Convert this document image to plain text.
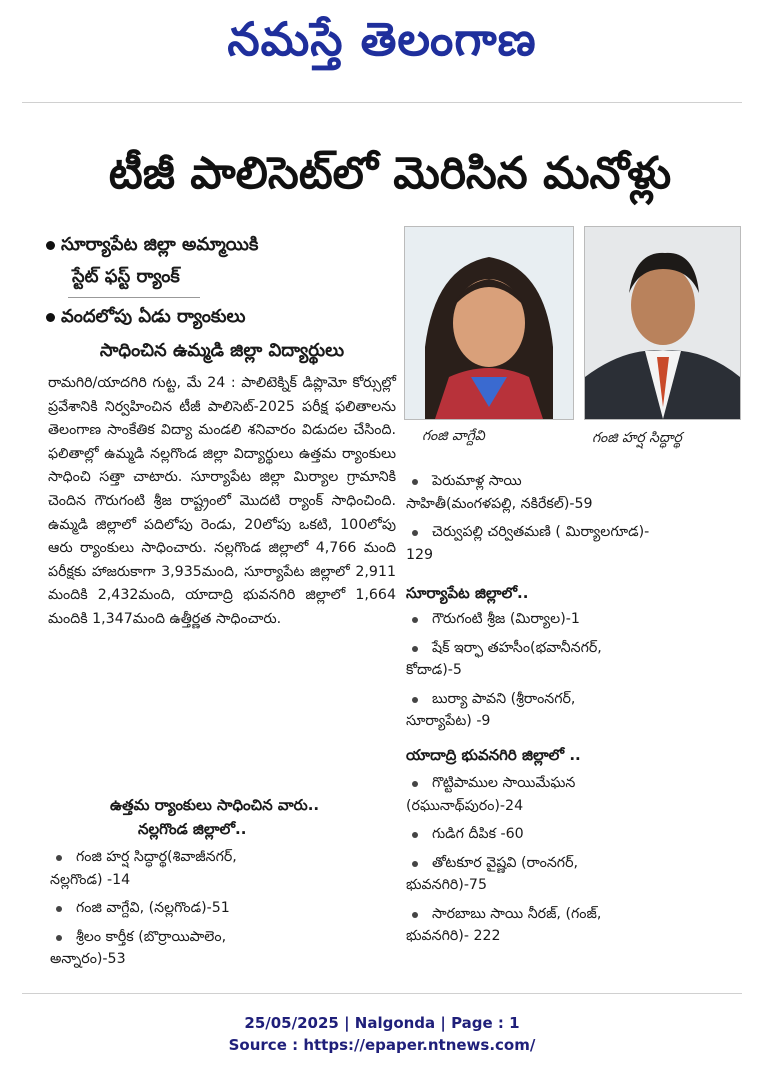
నమస్తే తెలంగాణ
టీజీ పాలిసెట్‌లో మెరిసిన మనోళ్లు
సూర్యాపేట జిల్లా అమ్మాయికి
స్టేట్ ఫస్ట్ ర్యాంక్
వందలోపు ఏడు ర్యాంకులు
సాధించిన ఉమ్మడి జిల్లా విద్యార్థులు
గంజి వాగ్దేవి	గంజి హర్ష సిద్ధార్థ

రామగిరి/యాదగిరి గుట్ట, మే 24 : పాలిటెక్నిక్ డిప్లొమో కోర్సుల్లో ప్రవేశానికి నిర్వహించిన టీజీ పాలిసెట్-2025 పరీక్ష ఫలితాలను తెలంగాణ సాంకేతిక విద్యా మండలి శనివారం విడుదల చేసింది. ఫలితాల్లో ఉమ్మడి నల్లగొండ జిల్లా విద్యార్థులు ఉత్తమ ర్యాంకులు సాధించి సత్తా చాటారు. సూర్యాపేట జిల్లా మిర్యాల గ్రామానికి చెందిన గౌరుగంటి శ్రీజ రాష్ట్రంలో మొదటి ర్యాంక్ సాధించింది. ఉమ్మడి జిల్లాలో పదిలోపు రెండు, 20లోపు ఒకటి, 100లోపు ఆరు ర్యాంకులు సాధించారు. నల్లగొండ జిల్లాలో 4,766 మంది పరీక్షకు హాజరుకాగా 3,935మంది, సూర్యాపేట జిల్లాలో 2,911 మందికి 2,432మంది, యాదాద్రి భువనగిరి జిల్లాలో 1,664 మందికి 1,347మంది ఉత్తీర్ణత సాధించారు.

ఉత్తమ ర్యాంకులు సాధించిన వారు..
నల్లగొండ జిల్లాలో..
గంజి హర్ష సిద్ధార్థ(శివాజీనగర్,
నల్లగొండ) -14
గంజి వాగ్దేవి, (నల్లగొండ)-51
శ్రీలం కార్తీక (బొర్రాయిపాలెం,
అన్నారం)-53
పెరుమాళ్ల సాయి
సాహితీ(మంగళపల్లి, నకిరేకల్)-59
చెర్వుపల్లి చర్వితమణి ( మిర్యాలగూడ)-
129
సూర్యాపేట జిల్లాలో..
గౌరుగంటి శ్రీజ (మిర్యాల)-1
షేక్ ఇర్ఫా తహసీం(భవానీనగర్,
కోదాడ)-5
బుర్యా పావని (శ్రీరాంనగర్,
సూర్యాపేట) -9
యాదాద్రి భువనగిరి జిల్లాలో ..
గొట్టిపాముల సాయిమేఘన
(రఘునాథ్‌పురం)-24
గుడిగ దీపిక -60
తోటకూర వైష్ణవి (రాంనగర్,
భువనగిరి)-75
సారబాబు సాయి నీరజ్, (గంజ్,
భువనగిరి)- 222
25/05/2025 | Nalgonda | Page : 1
Source : https://epaper.ntnews.com/
